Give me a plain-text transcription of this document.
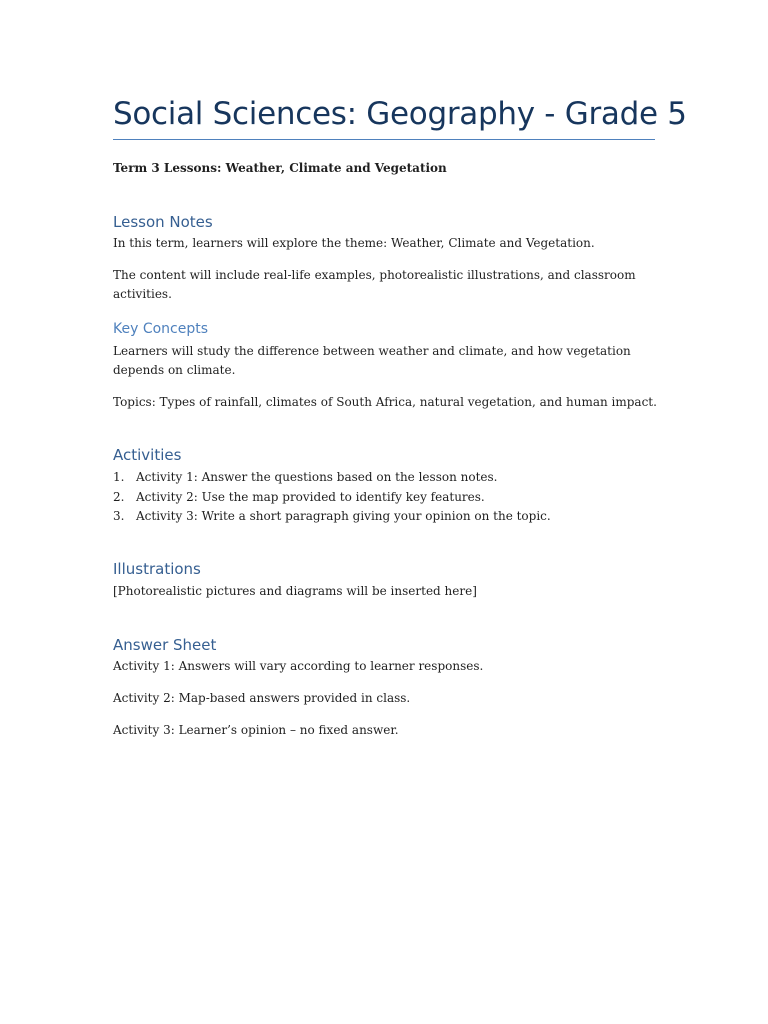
Social Sciences: Geography - Grade 5
Term 3 Lessons: Weather, Climate and Vegetation
Lesson Notes

In this term, learners will explore the theme: Weather, Climate and Vegetation.

The content will include real-life examples, photorealistic illustrations, and classroom activities.

Key Concepts

Learners will study the difference between weather and climate, and how vegetation depends on climate.

Topics: Types of rainfall, climates of South Africa, natural vegetation, and human impact.

Activities
1. Activity 1: Answer the questions based on the lesson notes.
2. Activity 2: Use the map provided to identify key features.
3. Activity 3: Write a short paragraph giving your opinion on the topic.
Illustrations

[Photorealistic pictures and diagrams will be inserted here]

Answer Sheet

Activity 1: Answers will vary according to learner responses.

Activity 2: Map-based answers provided in class.

Activity 3: Learner’s opinion – no fixed answer.
